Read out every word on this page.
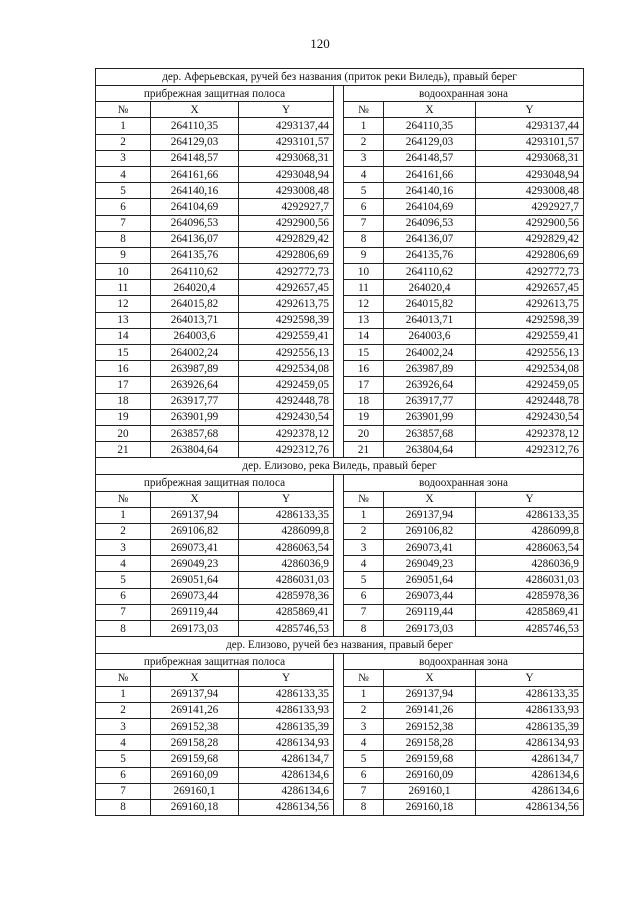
120
дер. Аферьевская, ручей без названия (приток реки Виледь), правый берег						
прибрежная защитная полоса				водоохранная зона		
№	X	Y		№	X	Y
1	264110,35	4293137,44		1	264110,35	4293137,44
2	264129,03	4293101,57		2	264129,03	4293101,57
3	264148,57	4293068,31		3	264148,57	4293068,31
4	264161,66	4293048,94		4	264161,66	4293048,94
5	264140,16	4293008,48		5	264140,16	4293008,48
6	264104,69	4292927,7		6	264104,69	4292927,7
7	264096,53	4292900,56		7	264096,53	4292900,56
8	264136,07	4292829,42		8	264136,07	4292829,42
9	264135,76	4292806,69		9	264135,76	4292806,69
10	264110,62	4292772,73		10	264110,62	4292772,73
11	264020,4	4292657,45		11	264020,4	4292657,45
12	264015,82	4292613,75		12	264015,82	4292613,75
13	264013,71	4292598,39		13	264013,71	4292598,39
14	264003,6	4292559,41		14	264003,6	4292559,41
15	264002,24	4292556,13		15	264002,24	4292556,13
16	263987,89	4292534,08		16	263987,89	4292534,08
17	263926,64	4292459,05		17	263926,64	4292459,05
18	263917,77	4292448,78		18	263917,77	4292448,78
19	263901,99	4292430,54		19	263901,99	4292430,54
20	263857,68	4292378,12		20	263857,68	4292378,12
21	263804,64	4292312,76		21	263804,64	4292312,76
дер. Елизово, река Виледь, правый берег						
прибрежная защитная полоса				водоохранная зона		
№	X	Y		№	X	Y
1	269137,94	4286133,35		1	269137,94	4286133,35
2	269106,82	4286099,8		2	269106,82	4286099,8
3	269073,41	4286063,54		3	269073,41	4286063,54
4	269049,23	4286036,9		4	269049,23	4286036,9
5	269051,64	4286031,03		5	269051,64	4286031,03
6	269073,44	4285978,36		6	269073,44	4285978,36
7	269119,44	4285869,41		7	269119,44	4285869,41
8	269173,03	4285746,53		8	269173,03	4285746,53
дер. Елизово, ручей без названия, правый берег						
прибрежная защитная полоса				водоохранная зона		
№	X	Y		№	X	Y
1	269137,94	4286133,35		1	269137,94	4286133,35
2	269141,26	4286133,93		2	269141,26	4286133,93
3	269152,38	4286135,39		3	269152,38	4286135,39
4	269158,28	4286134,93		4	269158,28	4286134,93
5	269159,68	4286134,7		5	269159,68	4286134,7
6	269160,09	4286134,6		6	269160,09	4286134,6
7	269160,1	4286134,6		7	269160,1	4286134,6
8	269160,18	4286134,56		8	269160,18	4286134,56
